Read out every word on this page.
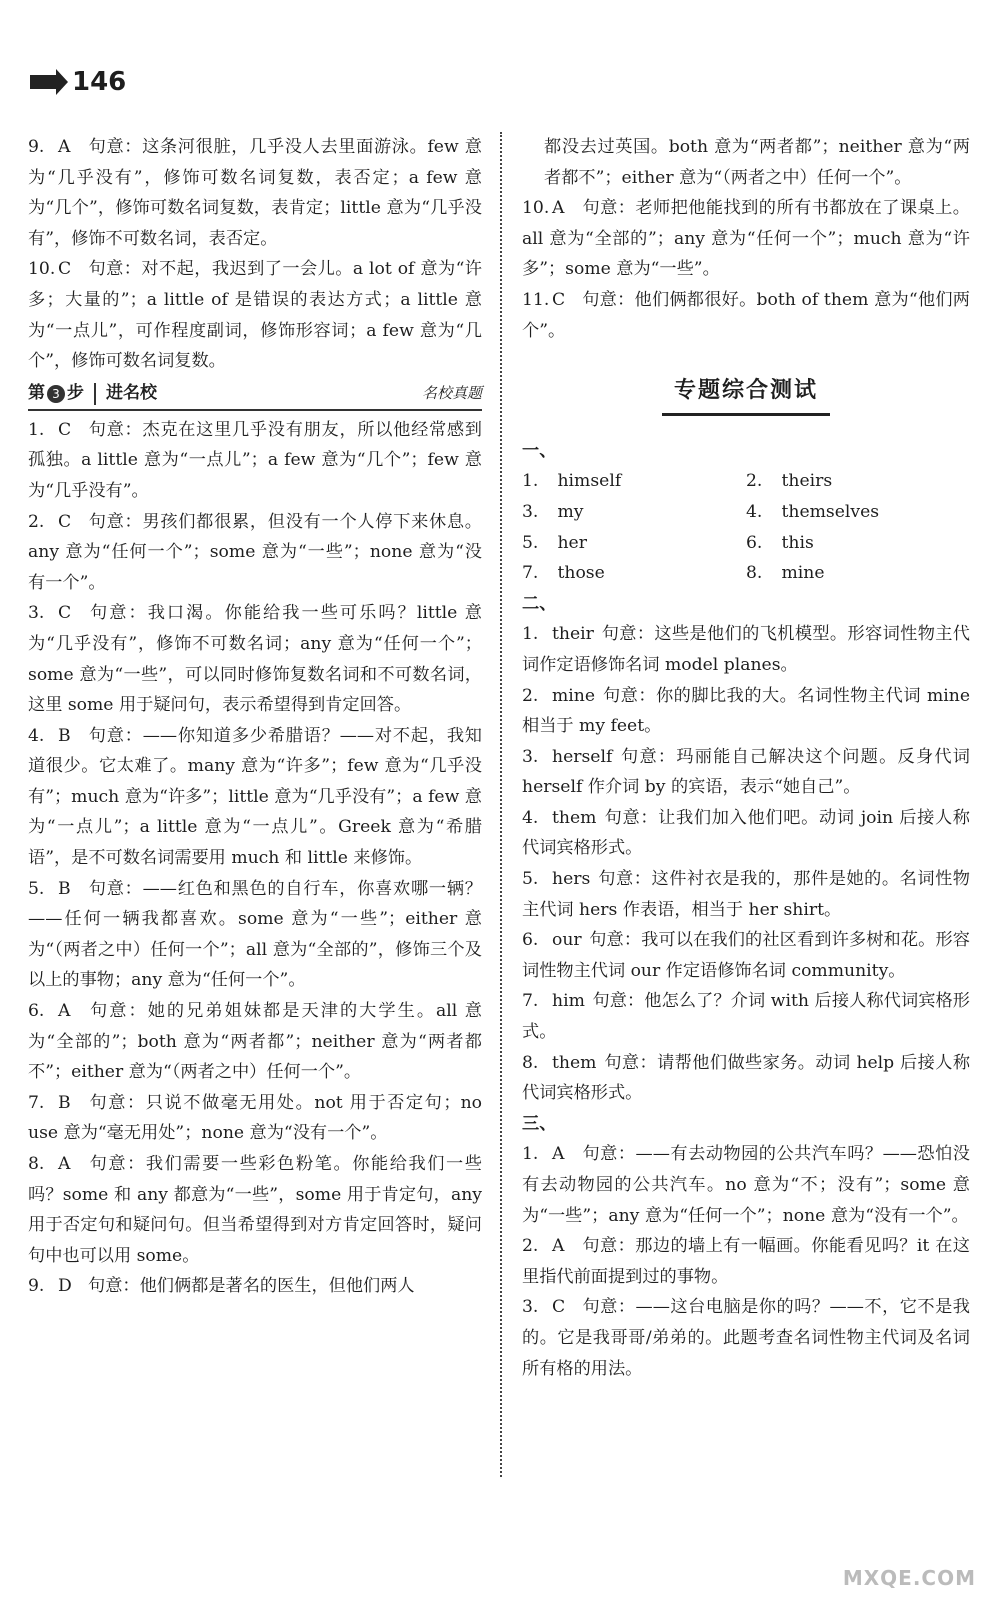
146

9. A 句意：这条河很脏，几乎没人去里面游泳。few 意为“几乎没有”，修饰可数名词复数，表否定；a few 意为“几个”，修饰可数名词复数，表肯定；little 意为“几乎没有”，修饰不可数名词，表否定。

10. C 句意：对不起，我迟到了一会儿。a lot of 意为“许多；大量的”；a little of 是错误的表达方式；a little 意为“一点儿”，可作程度副词，修饰形容词；a few 意为“几个”，修饰可数名词复数。

第 3 步 进名校	名校真题

1. C 句意：杰克在这里几乎没有朋友，所以他经常感到孤独。a little 意为“一点儿”；a few 意为“几个”；few 意为“几乎没有”。

2. C 句意：男孩们都很累，但没有一个人停下来休息。any 意为“任何一个”；some 意为“一些”；none 意为“没有一个”。

3. C 句意：我口渴。你能给我一些可乐吗？little 意为“几乎没有”，修饰不可数名词；any 意为“任何一个”；some 意为“一些”，可以同时修饰复数名词和不可数名词，这里 some 用于疑问句，表示希望得到肯定回答。

4. B 句意：——你知道多少希腊语？——对不起，我知道很少。它太难了。many 意为“许多”；few 意为“几乎没有”；much 意为“许多”；little 意为“几乎没有”；a few 意为“一点儿”；a little 意为“一点儿”。Greek 意为“希腊语”，是不可数名词需要用 much 和 little 来修饰。

5. B 句意：——红色和黑色的自行车，你喜欢哪一辆？——任何一辆我都喜欢。some 意为“一些”；either 意为“（两者之中）任何一个”；all 意为“全部的”，修饰三个及以上的事物；any 意为“任何一个”。

6. A 句意：她的兄弟姐妹都是天津的大学生。all 意为“全部的”；both 意为“两者都”；neither 意为“两者都不”；either 意为“（两者之中）任何一个”。

7. B 句意：只说不做毫无用处。not 用于否定句；no use 意为“毫无用处”；none 意为“没有一个”。

8. A 句意：我们需要一些彩色粉笔。你能给我们一些吗？some 和 any 都意为“一些”，some 用于肯定句，any 用于否定句和疑问句。但当希望得到对方肯定回答时，疑问句中也可以用 some。

9. D 句意：他们俩都是著名的医生，但他们两人

都没去过英国。both 意为“两者都”；neither 意为“两者都不”；either 意为“（两者之中）任何一个”。

10. A 句意：老师把他能找到的所有书都放在了课桌上。all 意为“全部的”；any 意为“任何一个”；much 意为“许多”；some 意为“一些”。

11. C 句意：他们俩都很好。both of them 意为“他们两个”。

专题综合测试
一、
1. himself	2. theirs
3. my	4. themselves
5. her	6. this
7. those	8. mine
二、

1. their 句意：这些是他们的飞机模型。形容词性物主代词作定语修饰名词 model planes。

2. mine 句意：你的脚比我的大。名词性物主代词 mine 相当于 my feet。

3. herself 句意：玛丽能自己解决这个问题。反身代词 herself 作介词 by 的宾语，表示“她自己”。

4. them 句意：让我们加入他们吧。动词 join 后接人称代词宾格形式。

5. hers 句意：这件衬衣是我的，那件是她的。名词性物主代词 hers 作表语，相当于 her shirt。

6. our 句意：我可以在我们的社区看到许多树和花。形容词性物主代词 our 作定语修饰名词 community。

7. him 句意：他怎么了？介词 with 后接人称代词宾格形式。

8. them 句意：请帮他们做些家务。动词 help 后接人称代词宾格形式。

三、

1. A 句意：——有去动物园的公共汽车吗？——恐怕没有去动物园的公共汽车。no 意为“不；没有”；some 意为“一些”；any 意为“任何一个”；none 意为“没有一个”。

2. A 句意：那边的墙上有一幅画。你能看见吗？it 在这里指代前面提到过的事物。

3. C 句意：——这台电脑是你的吗？——不，它不是我的。它是我哥哥/弟弟的。此题考查名词性物主代词及名词所有格的用法。

MXQE.COM
